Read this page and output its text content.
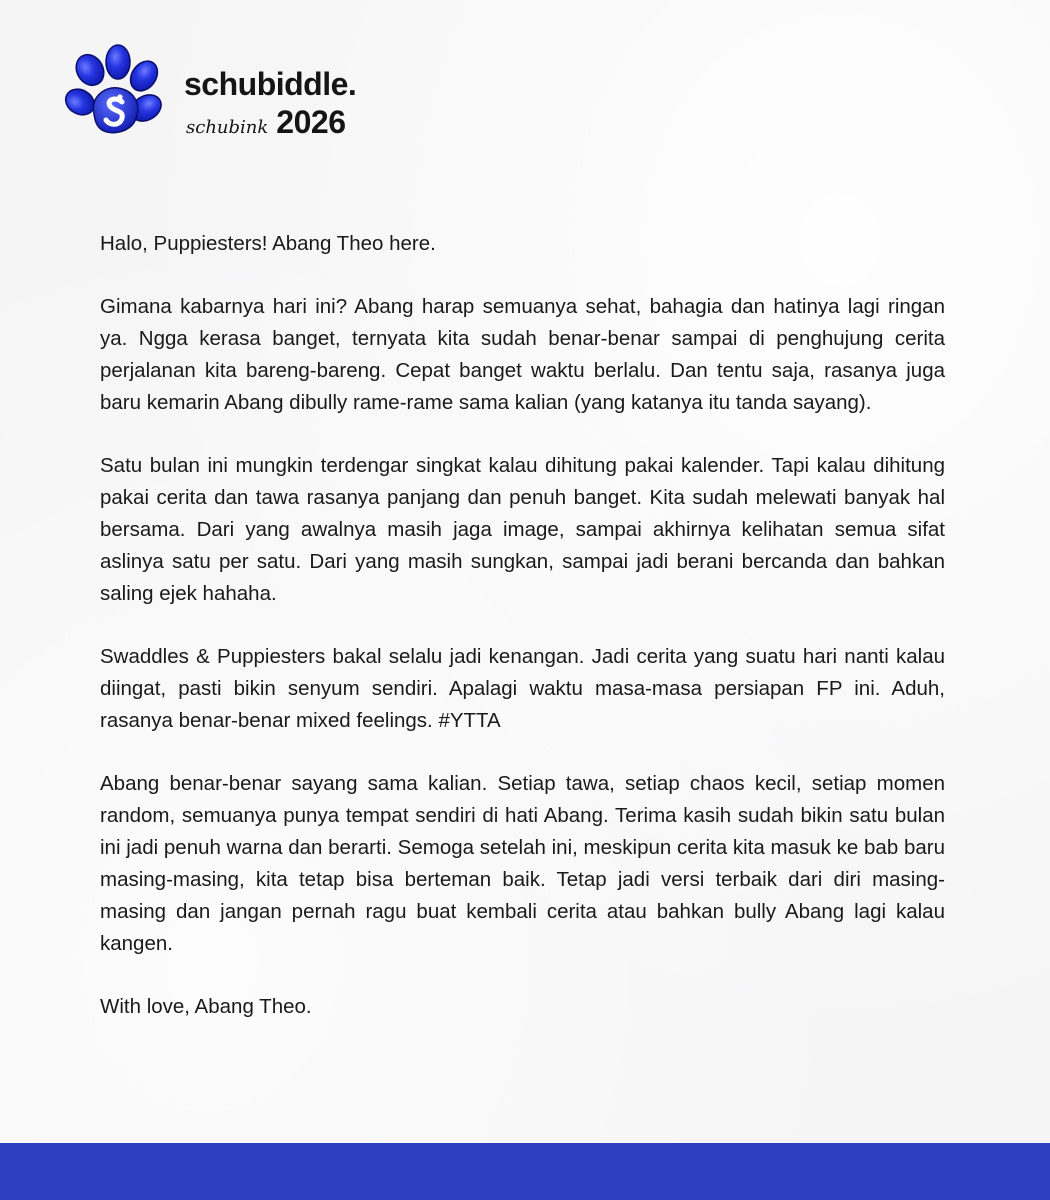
schubiddle.
schubink 2026

Halo, Puppiesters! Abang Theo here.

Gimana kabarnya hari ini? Abang harap semuanya sehat, bahagia dan hatinya lagi ringan ya. Ngga kerasa banget, ternyata kita sudah benar-benar sampai di penghujung cerita perjalanan kita bareng-bareng. Cepat banget waktu berlalu. Dan tentu saja, rasanya juga baru kemarin Abang dibully rame-rame sama kalian (yang katanya itu tanda sayang).

Satu bulan ini mungkin terdengar singkat kalau dihitung pakai kalender. Tapi kalau dihitung pakai cerita dan tawa rasanya panjang dan penuh banget. Kita sudah melewati banyak hal bersama. Dari yang awalnya masih jaga image, sampai akhirnya kelihatan semua sifat aslinya satu per satu. Dari yang masih sungkan, sampai jadi berani bercanda dan bahkan saling ejek hahaha.

Swaddles & Puppiesters bakal selalu jadi kenangan. Jadi cerita yang suatu hari nanti kalau diingat, pasti bikin senyum sendiri. Apalagi waktu masa-masa persiapan FP ini. Aduh, rasanya benar-benar mixed feelings. #YTTA

Abang benar-benar sayang sama kalian. Setiap tawa, setiap chaos kecil, setiap momen random, semuanya punya tempat sendiri di hati Abang. Terima kasih sudah bikin satu bulan ini jadi penuh warna dan berarti. Semoga setelah ini, meskipun cerita kita masuk ke bab baru masing-masing, kita tetap bisa berteman baik. Tetap jadi versi terbaik dari diri masing-masing dan jangan pernah ragu buat kembali cerita atau bahkan bully Abang lagi kalau kangen.

With love, Abang Theo.
